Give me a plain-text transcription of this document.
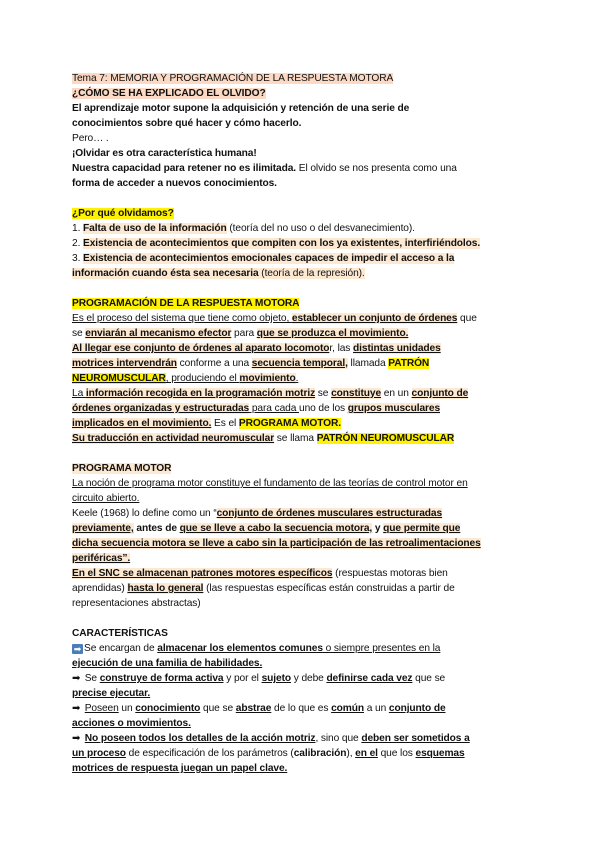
Tema 7: MEMORIA Y PROGRAMACIÓN DE LA RESPUESTA MOTORA

¿CÓMO SE HA EXPLICADO EL OLVIDO?

El aprendizaje motor supone la adquisición y retención de una serie de
conocimientos sobre qué hacer y cómo hacerlo.

Pero… .

¡Olvidar es otra característica humana!

Nuestra capacidad para retener no es ilimitada. El olvido se nos presenta como una
forma de acceder a nuevos conocimientos.

¿Por qué olvidamos?

1. Falta de uso de la información (teoría del no uso o del desvanecimiento).

2. Existencia de acontecimientos que compiten con los ya existentes, interfiriéndolos.

3. Existencia de acontecimientos emocionales capaces de impedir el acceso a la
información cuando ésta sea necesaria (teoría de la represión).

PROGRAMACIÓN DE LA RESPUESTA MOTORA

Es el proceso del sistema que tiene como objeto, establecer un conjunto de órdenes que

se enviarán al mecanismo efector para que se produzca el movimiento.

Al llegar ese conjunto de órdenes al aparato locomotor, las distintas unidades

motrices intervendrán conforme a una secuencia temporal, llamada PATRÓN

NEUROMUSCULAR, produciendo el movimiento.

La información recogida en la programación motriz se constituye en un conjunto de

órdenes organizadas y estructuradas para cada uno de los grupos musculares

implicados en el movimiento. Es el PROGRAMA MOTOR.

Su traducción en actividad neuromuscular se llama PATRÓN NEUROMUSCULAR

PROGRAMA MOTOR

La noción de programa motor constituye el fundamento de las teorías de control motor en

circuito abierto.

Keele (1968) lo define como un “conjunto de órdenes musculares estructuradas

previamente, antes de que se lleve a cabo la secuencia motora, y que permite que

dicha secuencia motora se lleve a cabo sin la participación de las retroalimentaciones

periféricas”.

En el SNC se almacenan patrones motores específicos (respuestas motoras bien

aprendidas) hasta lo general (las respuestas específicas están construidas a partir de

representaciones abstractas)

CARACTERÍSTICAS

➡ Se encargan de almacenar los elementos comunes o siempre presentes en la
ejecución de una familia de habilidades.

➡ Se construye de forma activa y por el sujeto y debe definirse cada vez que se
precise ejecutar.

➡ Poseen un conocimiento que se abstrae de lo que es común a un conjunto de
acciones o movimientos.

➡ No poseen todos los detalles de la acción motriz, sino que deben ser sometidos a
un proceso de especificación de los parámetros (calibración), en el que los esquemas
motrices de respuesta juegan un papel clave.
